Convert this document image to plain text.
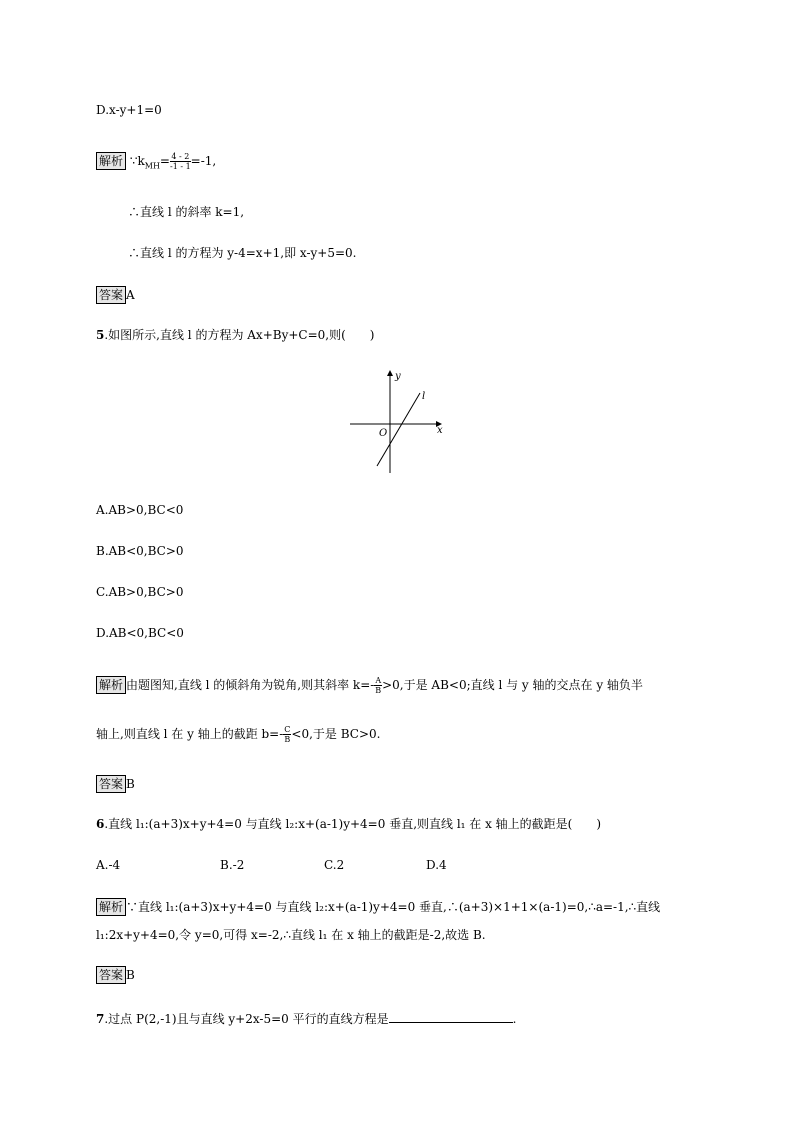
D.x-y+1=0
解析 $\because k_{MH}= \frac{4 - 2}{-1 - 1} =-1$,
∴直线 l 的斜率 k=1,
∴直线 l 的方程为 y-4=x+1,即 x-y+5=0.
答案 A
5.如图所示,直线 l 的方程为 Ax+By+C=0,则(　　)
y
x
O
l
A.AB>0,BC<0
B.AB<0,BC>0
C.AB>0,BC>0
D.AB<0,BC<0
解析 由题图知,直线 l 的倾斜角为锐角,则其斜率 $k=- \frac{A}{B} >0$,于是 AB<0;直线 l 与 y 轴的交点在 y 轴负半
轴上,则直线 l 在 y 轴上的截距 $b=- \frac{C}{B} <0$,于是 BC>0.
答案 B
6.直线 l₁:(a+3)x+y+4=0 与直线 l₂:x+(a-1)y+4=0 垂直,则直线 l₁ 在 x 轴上的截距是(　　)
A.-4	B.-2	C.2	D.4
解析 ∵直线 l₁:(a+3)x+y+4=0 与直线 l₂:x+(a-1)y+4=0 垂直,∴(a+3)×1+1×(a-1)=0,∴a=-1,∴直线
l₁:2x+y+4=0,令 y=0,可得 x=-2,∴直线 l₁ 在 x 轴上的截距是-2,故选 B.
答案 B
7.过点 P(2,-1)且与直线 y+2x-5=0 平行的直线方程是	.
